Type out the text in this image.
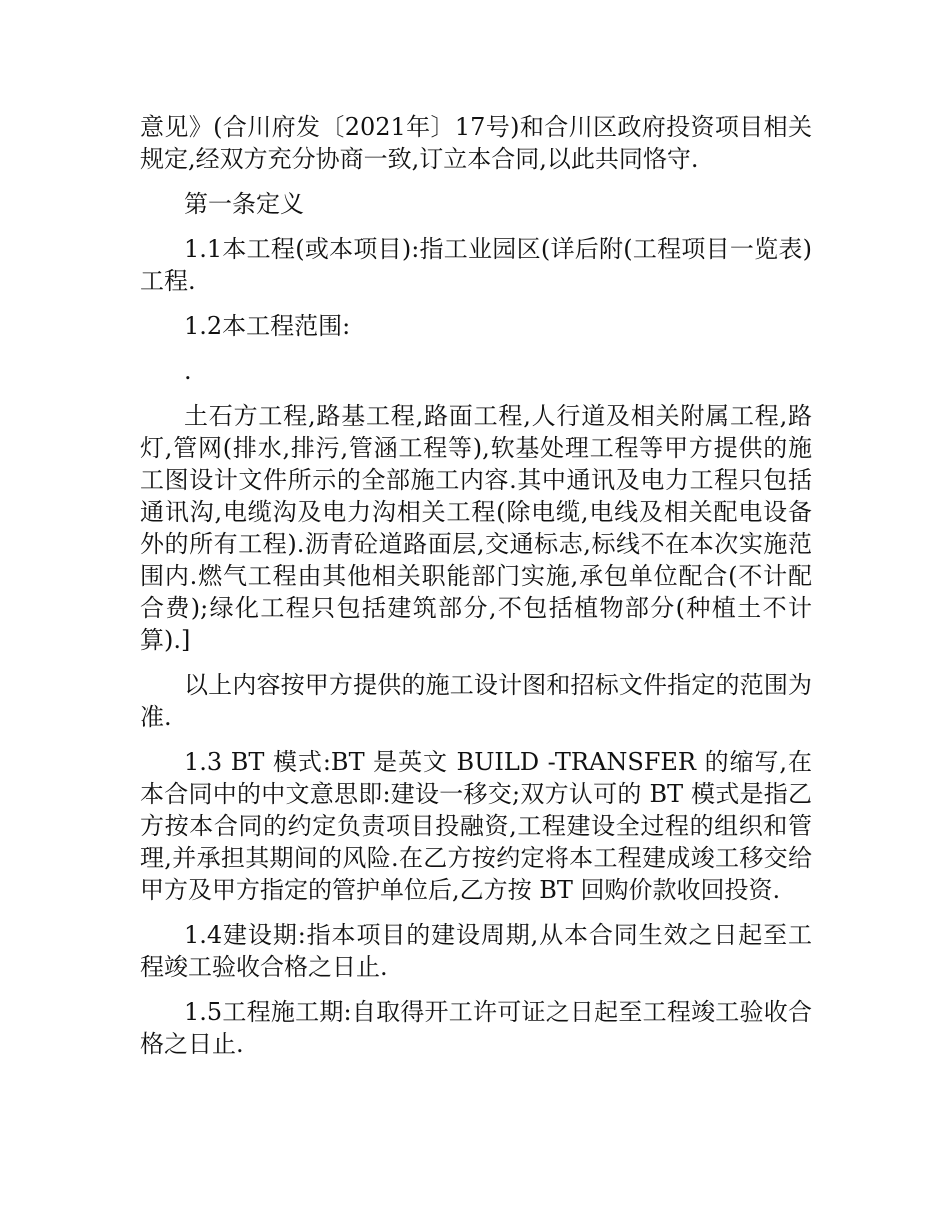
意见》(合川府发〔2021年〕17号)和合川区政府投资项目相关规定,经双方充分协商一致,订立本合同,以此共同恪守.

第一条定义

1.1本工程(或本项目):指工业园区(详后附(工程项目一览表)工程.

1.2本工程范围:

.

土石方工程,路基工程,路面工程,人行道及相关附属工程,路灯,管网(排水,排污,管涵工程等),软基处理工程等甲方提供的施工图设计文件所示的全部施工内容.其中通讯及电力工程只包括通讯沟,电缆沟及电力沟相关工程(除电缆,电线及相关配电设备外的所有工程).沥青砼道路面层,交通标志,标线不在本次实施范围内.燃气工程由其他相关职能部门实施,承包单位配合(不计配合费);绿化工程只包括建筑部分,不包括植物部分(种植土不计算).]

以上内容按甲方提供的施工设计图和招标文件指定的范围为准.

1.3 BT 模式:BT 是英文 BUILD -TRANSFER 的缩写,在本合同中的中文意思即:建设一移交;双方认可的 BT 模式是指乙方按本合同的约定负责项目投融资,工程建设全过程的组织和管理,并承担其期间的风险.在乙方按约定将本工程建成竣工移交给甲方及甲方指定的管护单位后,乙方按 BT 回购价款收回投资.

1.4建设期:指本项目的建设周期,从本合同生效之日起至工程竣工验收合格之日止.

1.5工程施工期:自取得开工许可证之日起至工程竣工验收合格之日止.
